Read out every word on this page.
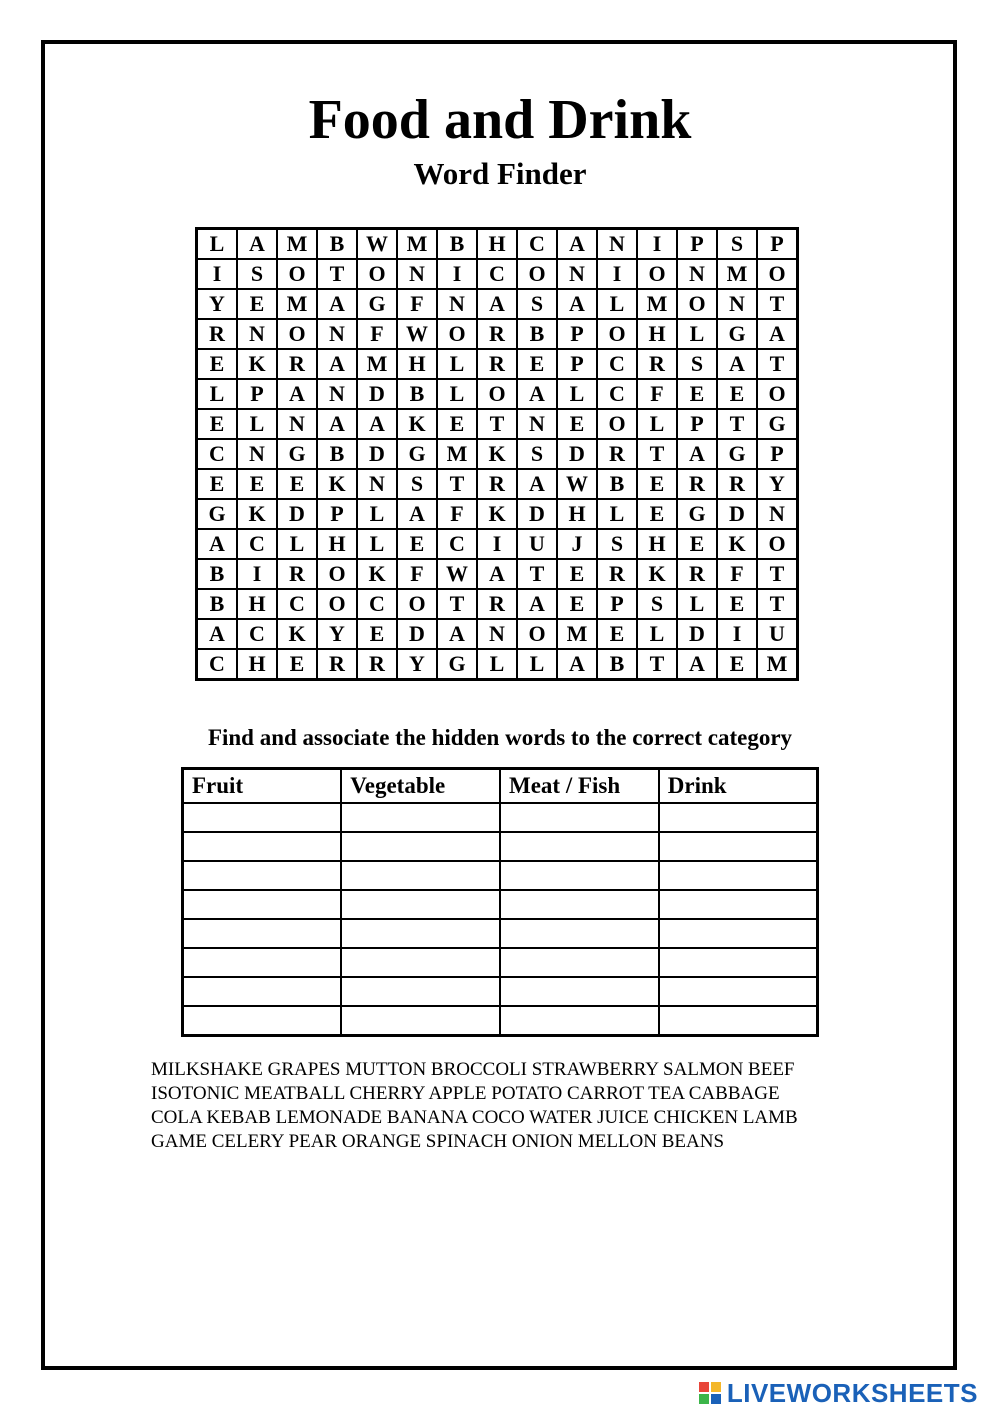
Food and Drink
Word Finder
L	A	M	B	W	M	B	H	C	A	N	I	P	S	P
I	S	O	T	O	N	I	C	O	N	I	O	N	M	O
Y	E	M	A	G	F	N	A	S	A	L	M	O	N	T
R	N	O	N	F	W	O	R	B	P	O	H	L	G	A
E	K	R	A	M	H	L	R	E	P	C	R	S	A	T
L	P	A	N	D	B	L	O	A	L	C	F	E	E	O
E	L	N	A	A	K	E	T	N	E	O	L	P	T	G
C	N	G	B	D	G	M	K	S	D	R	T	A	G	P
E	E	E	K	N	S	T	R	A	W	B	E	R	R	Y
G	K	D	P	L	A	F	K	D	H	L	E	G	D	N
A	C	L	H	L	E	C	I	U	J	S	H	E	K	O
B	I	R	O	K	F	W	A	T	E	R	K	R	F	T
B	H	C	O	C	O	T	R	A	E	P	S	L	E	T
A	C	K	Y	E	D	A	N	O	M	E	L	D	I	U
C	H	E	R	R	Y	G	L	L	A	B	T	A	E	M

Find and associate the hidden words to the correct category

Fruit	Vegetable	Meat / Fish	Drink

MILKSHAKE GRAPES MUTTON BROCCOLI STRAWBERRY SALMON BEEF
ISOTONIC MEATBALL CHERRY APPLE POTATO CARROT TEA CABBAGE
COLA KEBAB LEMONADE BANANA COCO WATER JUICE CHICKEN LAMB
GAME CELERY PEAR ORANGE SPINACH ONION MELLON BEANS
LIVEWORKSHEETS
